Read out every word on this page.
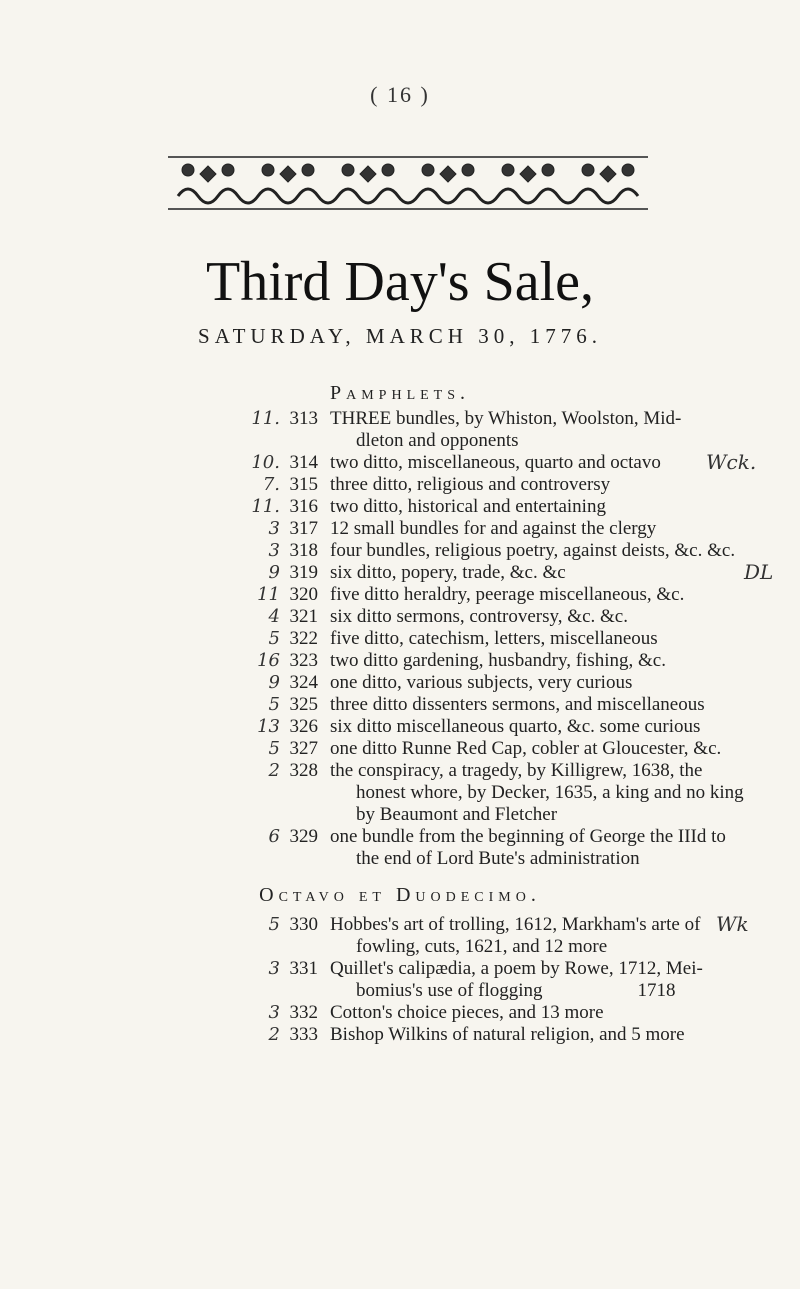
( 16 )
Third Day's Sale,
SATURDAY, MARCH 30, 1776.
Pamphlets.
11. 313 THREE bundles, by Whiston, Woolston, Mid-
dleton and opponents
10. 314 two ditto, miscellaneous, quarto and octavo Wck.
7. 315 three ditto, religious and controversy
11. 316 two ditto, historical and entertaining
3 317 12 small bundles for and against the clergy
3 318 four bundles, religious poetry, against deists, &c. &c.
9 319 six ditto, popery, trade, &c. &c	DL
11 320 five ditto heraldry, peerage miscellaneous, &c.
4 321 six ditto sermons, controversy, &c. &c.
5 322 five ditto, catechism, letters, miscellaneous
16 323 two ditto gardening, husbandry, fishing, &c.
9 324 one ditto, various subjects, very curious
5 325 three ditto dissenters sermons, and miscellaneous
13 326 six ditto miscellaneous quarto, &c. some curious
5 327 one ditto Runne Red Cap, cobler at Gloucester, &c.
2 328 the conspiracy, a tragedy, by Killigrew, 1638, the
honest whore, by Decker, 1635, a king and no king
by Beaumont and Fletcher
6 329 one bundle from the beginning of George the IIId to
the end of Lord Bute's administration
Octavo et Duodecimo.
5 330 Hobbes's art of trolling, 1612, Markham's arte of
fowling, cuts, 1621, and 12 more
Wk
3 331 Quillet's calipædia, a poem by Rowe, 1712, Mei-
bomius's use of flogging                    1718
3 332 Cotton's choice pieces, and 13 more
2 333 Bishop Wilkins of natural religion, and 5 more
